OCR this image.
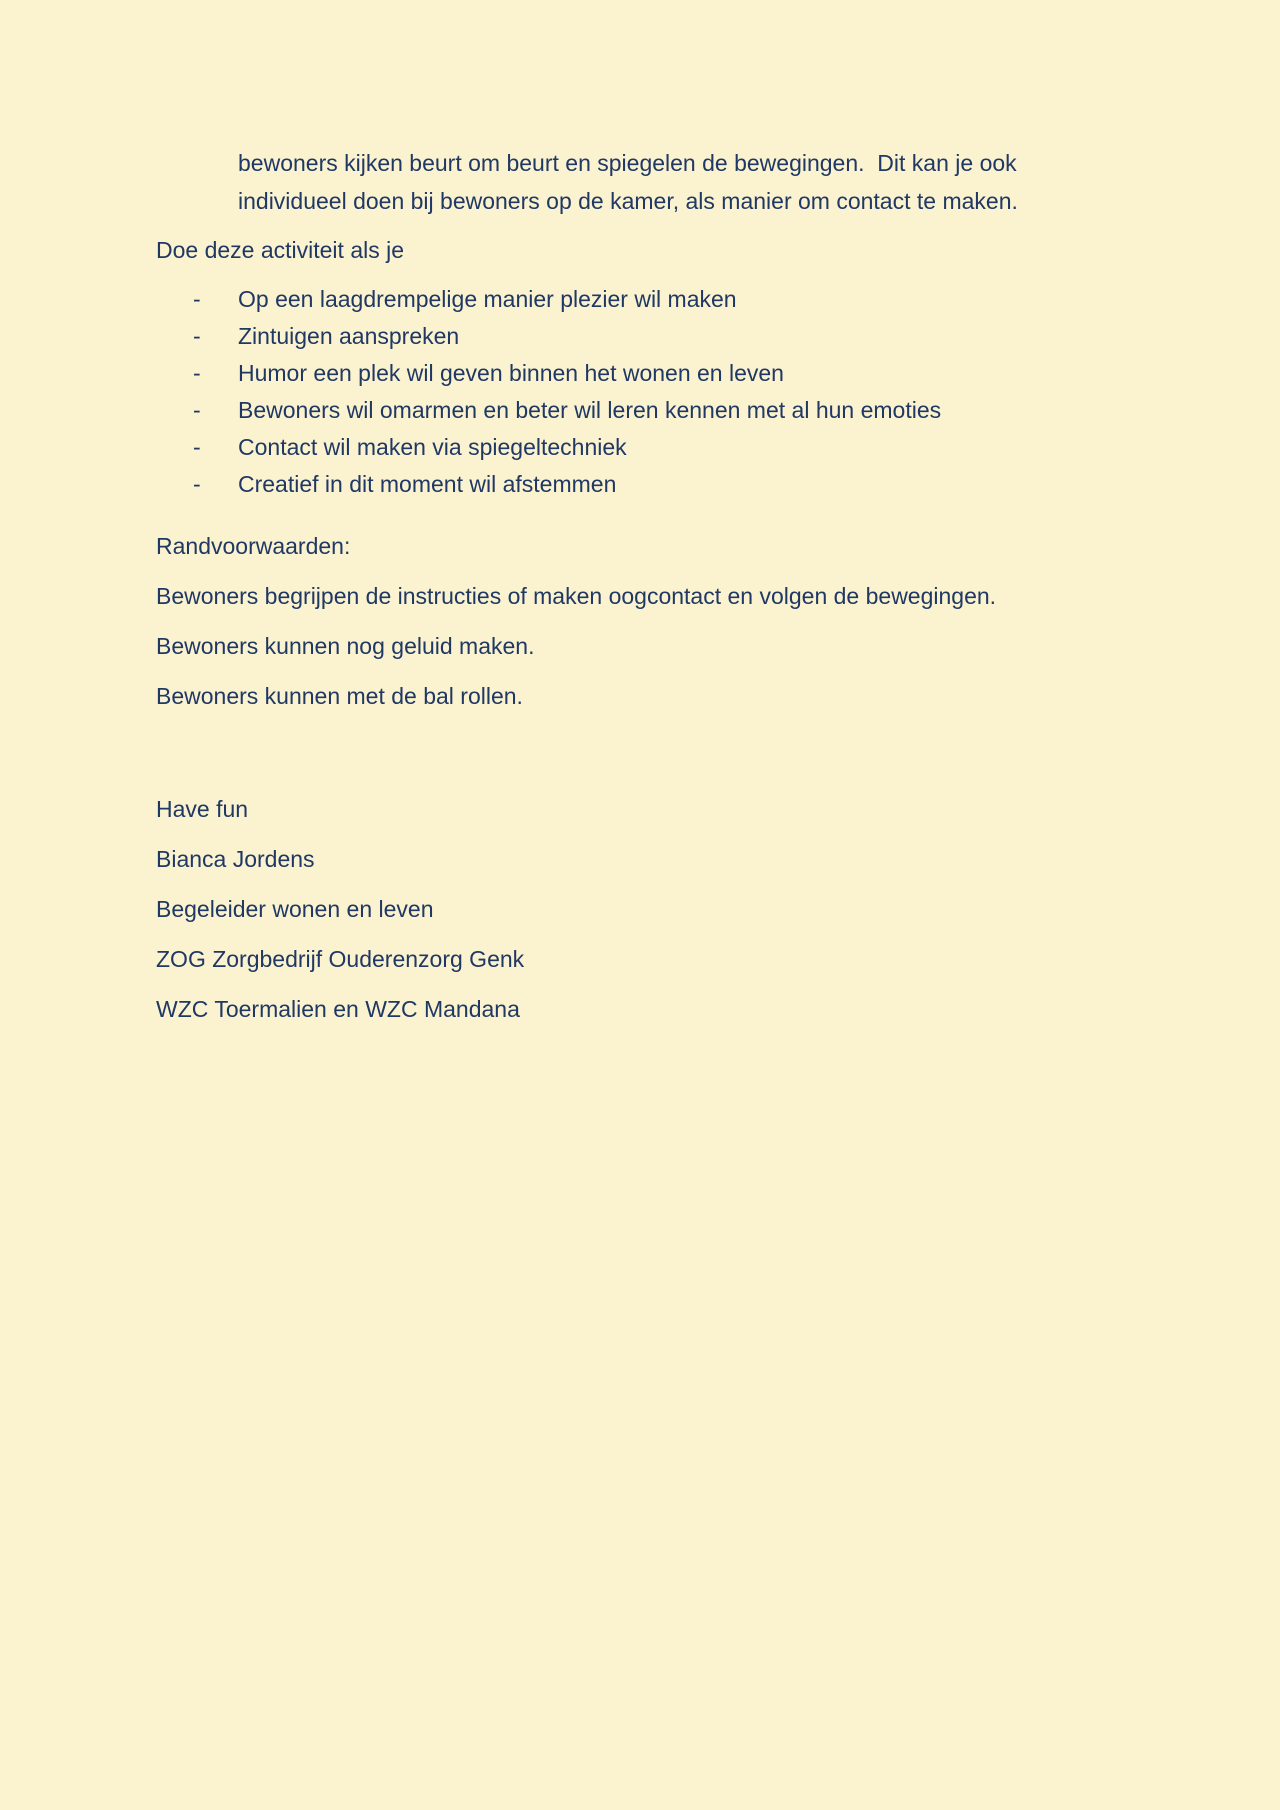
bewoners kijken beurt om beurt en spiegelen de bewegingen.  Dit kan je ook individueel doen bij bewoners op de kamer, als manier om contact te maken.

Doe deze activiteit als je

-	Op een laagdrempelige manier plezier wil maken
-	Zintuigen aanspreken
-	Humor een plek wil geven binnen het wonen en leven
-	Bewoners wil omarmen en beter wil leren kennen met al hun emoties
-	Contact wil maken via spiegeltechniek
-	Creatief in dit moment wil afstemmen

Randvoorwaarden:

Bewoners begrijpen de instructies of maken oogcontact en volgen de bewegingen.

Bewoners kunnen nog geluid maken.

Bewoners kunnen met de bal rollen.

Have fun

Bianca Jordens

Begeleider wonen en leven

ZOG Zorgbedrijf Ouderenzorg Genk

WZC Toermalien en WZC Mandana
